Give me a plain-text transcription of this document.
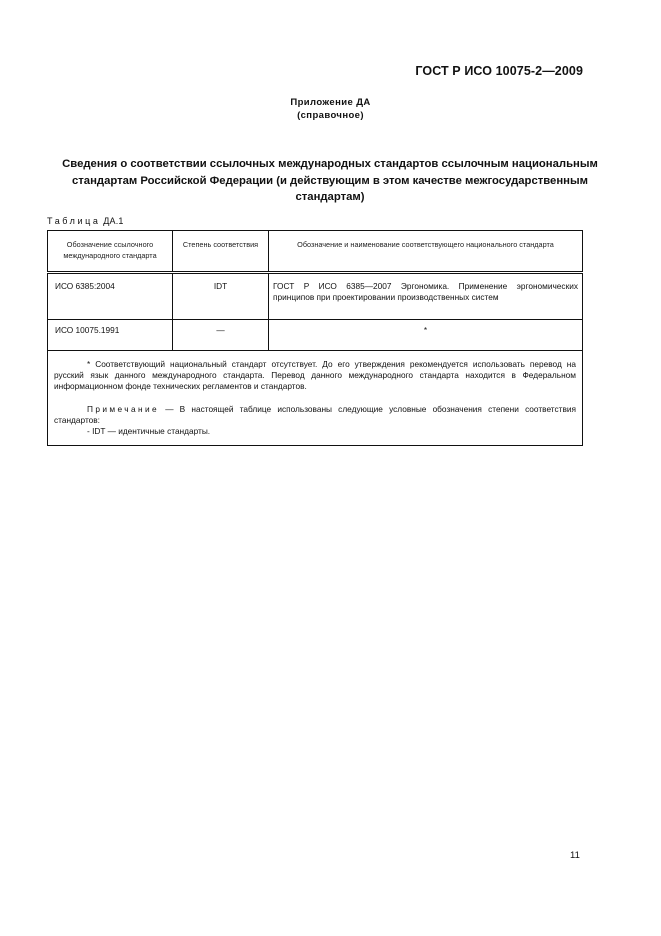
ГОСТ Р ИСО 10075-2—2009
Приложение ДА
(справочное)
Сведения о соответствии ссылочных международных стандартов ссылочным национальным стандартам Российской Федерации (и действующим в этом качестве межгосударственным стандартам)
Таблица ДА.1
Обозначение ссылочного международного стандарта	Степень соответствия	Обозначение и наименование соответствующего национального стандарта

ИСО 6385:2004	IDT	ГОСТ Р ИСО 6385—2007 Эргономика. Применение эргономических принципов при проектировании производственных систем
ИСО 10075.1991	—	*

* Соответствующий национальный стандарт отсутствует. До его утверждения рекомендуется использовать перевод на русский язык данного международного стандарта. Перевод данного международного стандарта находится в Федеральном информационном фонде технических регламентов и стандартов.

Примечание — В настоящей таблице использованы следующие условные обозначения степени соответствия стандартов:

- IDT — идентичные стандарты.		

11
